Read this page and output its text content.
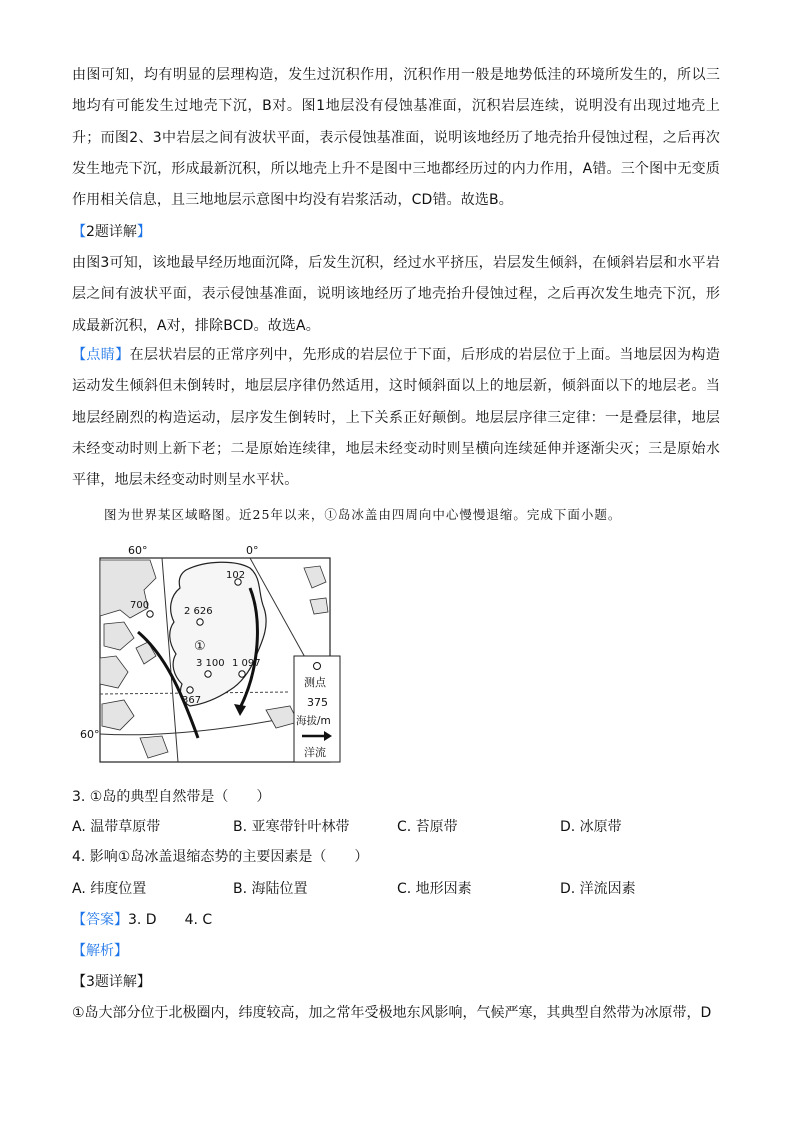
由图可知，均有明显的层理构造，发生过沉积作用，沉积作用一般是地势低洼的环境所发生的，所以三地均有可能发生过地壳下沉，B对。图1地层没有侵蚀基准面，沉积岩层连续，说明没有出现过地壳上升；而图2、3中岩层之间有波状平面，表示侵蚀基准面，说明该地经历了地壳抬升侵蚀过程，之后再次发生地壳下沉，形成最新沉积，所以地壳上升不是图中三地都经历过的内力作用，A错。三个图中无变质作用相关信息，且三地地层示意图中均没有岩浆活动，CD错。故选B。
【2题详解】
由图3可知，该地最早经历地面沉降，后发生沉积，经过水平挤压，岩层发生倾斜，在倾斜岩层和水平岩层之间有波状平面，表示侵蚀基准面，说明该地经历了地壳抬升侵蚀过程，之后再次发生地壳下沉，形成最新沉积，A对，排除BCD。故选A。
【点睛】在层状岩层的正常序列中，先形成的岩层位于下面，后形成的岩层位于上面。当地层因为构造运动发生倾斜但未倒转时，地层层序律仍然适用，这时倾斜面以上的地层新，倾斜面以下的地层老。当地层经剧烈的构造运动，层序发生倒转时，上下关系正好颠倒。地层层序律三定律：一是叠层律，地层未经变动时则上新下老；二是原始连续律，地层未经变动时则呈横向连续延伸并逐渐尖灭；三是原始水平律，地层未经变动时则呈水平状。
图为世界某区域略图。近25年以来，①岛冰盖由四周向中心慢慢退缩。完成下面小题。
102
700
2 626
3 100 1 097
367
①
60°	0°
60°
测点
375
海拔/m
洋流
3. ①岛的典型自然带是（　　）
A. 温带草原带	B. 亚寒带针叶林带	C. 苔原带	D. 冰原带
4. 影响①岛冰盖退缩态势的主要因素是（　　）
A. 纬度位置	B. 海陆位置	C. 地形因素	D. 洋流因素
【答案】3. D　　4. C
【解析】
【3题详解】
①岛大部分位于北极圈内，纬度较高，加之常年受极地东风影响，气候严寒，其典型自然带为冰原带，D
